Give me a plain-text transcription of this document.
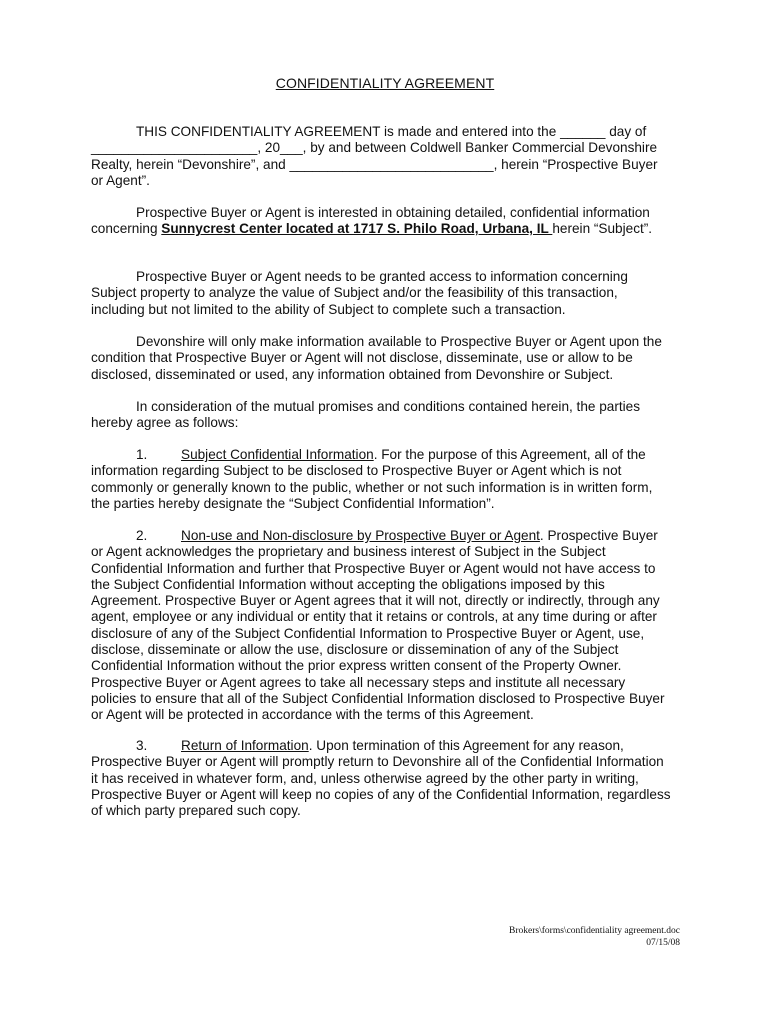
CONFIDENTIALITY AGREEMENT

THIS CONFIDENTIALITY AGREEMENT is made and entered into the ______ day of
______________________, 20___, by and between Coldwell Banker Commercial Devonshire
Realty, herein “Devonshire”, and ___________________________, herein “Prospective Buyer
or Agent”.

Prospective Buyer or Agent is interested in obtaining detailed, confidential information
concerning Sunnycrest Center located at 1717 S. Philo Road, Urbana, IL herein “Subject”.

Prospective Buyer or Agent needs to be granted access to information concerning
Subject property to analyze the value of Subject and/or the feasibility of this transaction,
including but not limited to the ability of Subject to complete such a transaction.

Devonshire will only make information available to Prospective Buyer or Agent upon the
condition that Prospective Buyer or Agent will not disclose, disseminate, use or allow to be
disclosed, disseminated or used, any information obtained from Devonshire or Subject.

In consideration of the mutual promises and conditions contained herein, the parties
hereby agree as follows:

1. Subject Confidential Information. For the purpose of this Agreement, all of the
information regarding Subject to be disclosed to Prospective Buyer or Agent which is not
commonly or generally known to the public, whether or not such information is in written form,
the parties hereby designate the “Subject Confidential Information”.

2. Non-use and Non-disclosure by Prospective Buyer or Agent. Prospective Buyer
or Agent acknowledges the proprietary and business interest of Subject in the Subject
Confidential Information and further that Prospective Buyer or Agent would not have access to
the Subject Confidential Information without accepting the obligations imposed by this
Agreement. Prospective Buyer or Agent agrees that it will not, directly or indirectly, through any
agent, employee or any individual or entity that it retains or controls, at any time during or after
disclosure of any of the Subject Confidential Information to Prospective Buyer or Agent, use,
disclose, disseminate or allow the use, disclosure or dissemination of any of the Subject
Confidential Information without the prior express written consent of the Property Owner.
Prospective Buyer or Agent agrees to take all necessary steps and institute all necessary
policies to ensure that all of the Subject Confidential Information disclosed to Prospective Buyer
or Agent will be protected in accordance with the terms of this Agreement.

3. Return of Information. Upon termination of this Agreement for any reason,
Prospective Buyer or Agent will promptly return to Devonshire all of the Confidential Information
it has received in whatever form, and, unless otherwise agreed by the other party in writing,
Prospective Buyer or Agent will keep no copies of any of the Confidential Information, regardless
of which party prepared such copy.

Brokers\forms\confidentiality agreement.doc
07/15/08
